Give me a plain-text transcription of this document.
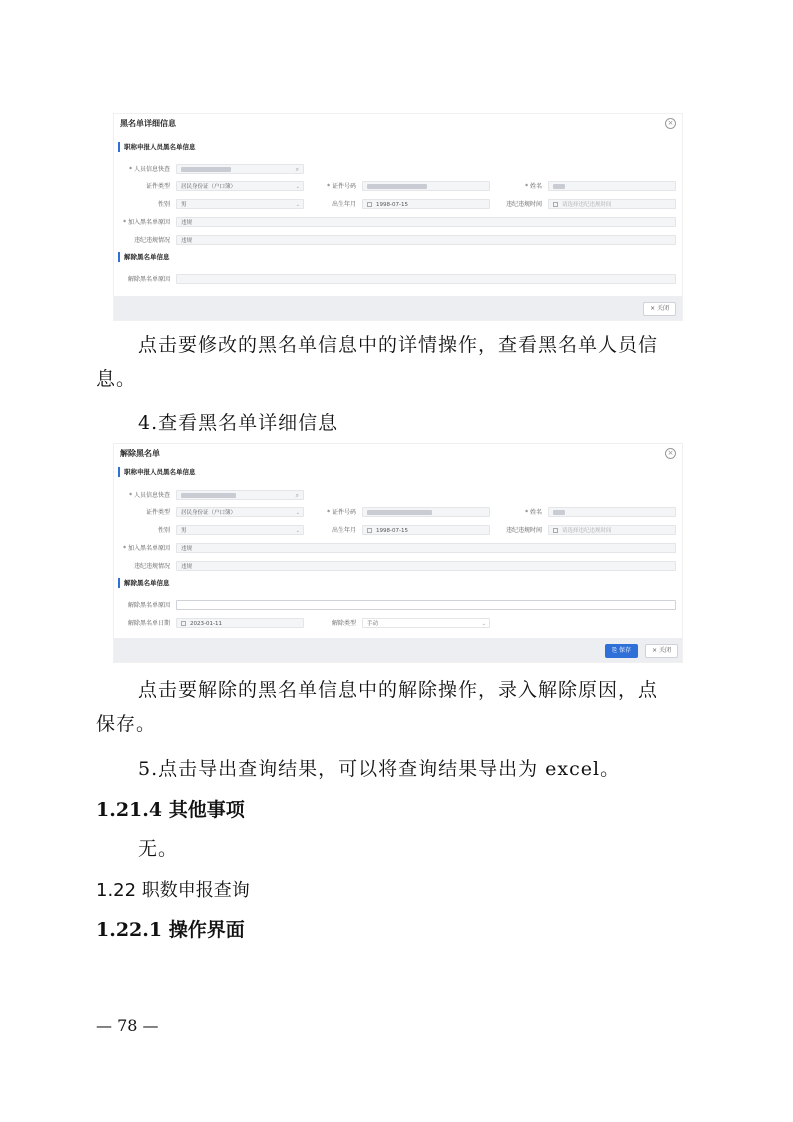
黑名单详细信息	×
职称申报人员黑名单信息
* 人员信息快查	⌕
证件类型	居民身份证（户口簿）	⌄	* 证件号码	* 姓名
性别	男	⌄	出生年月	1998-07-15	违纪违规时间	请选择违纪违规时间
* 加入黑名单原因	违规
违纪违规情况	违规
解除黑名单信息
解除黑名单原因
× 关闭
点击要修改的黑名单信息中的详情操作，查看黑名单人员信
息。
4.查看黑名单详细信息
解除黑名单	×
职称申报人员黑名单信息
* 人员信息快查	⌕
证件类型	居民身份证（户口簿）	⌄	* 证件号码	* 姓名
性别	男	⌄	出生年月	1998-07-15	违纪违规时间	请选择违纪违规时间
* 加入黑名单原因	违规
违纪违规情况	违规
解除黑名单信息
解除黑名单原因
解除黑名单日期	2023-01-11	解除类型	手动	⌄
⎘ 保存	× 关闭
点击要解除的黑名单信息中的解除操作，录入解除原因，点
保存。
5.点击导出查询结果，可以将查询结果导出为 excel。
1.21.4 其他事项
无。
1.22 职数申报查询
1.22.1 操作界面
— 78 —
